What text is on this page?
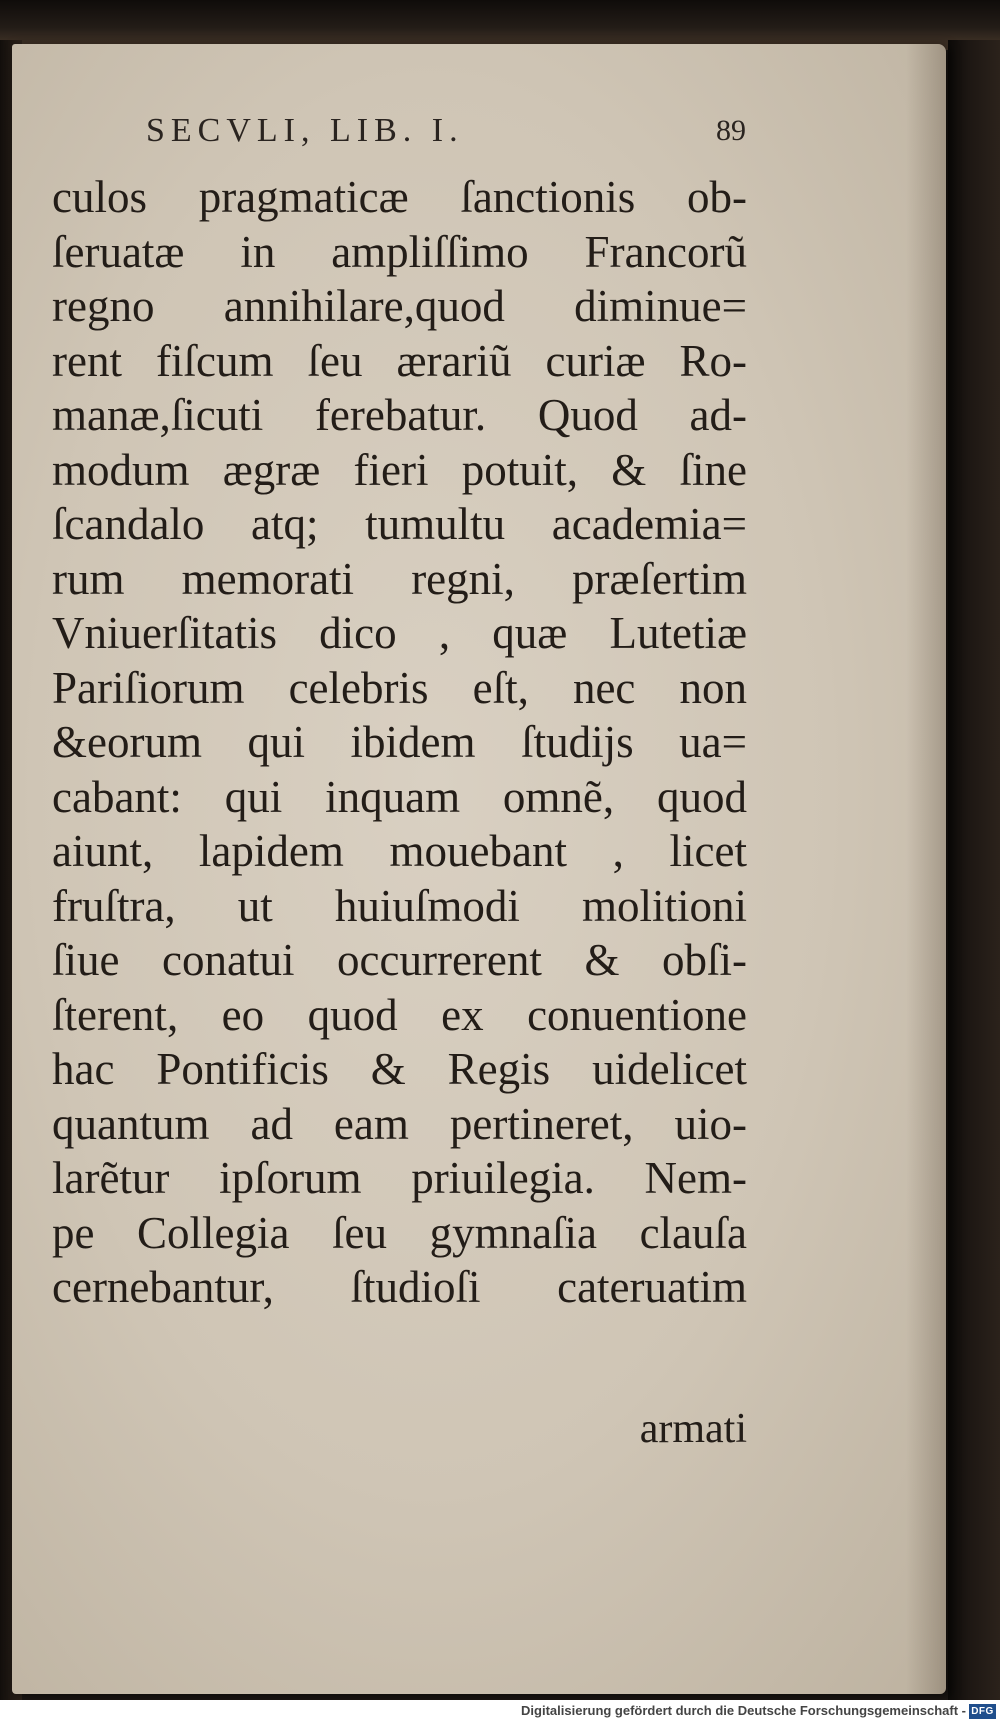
SECVLI, LIB. I.	89
culos pragmaticæ ſanctionis ob-
ſeruatæ in ampliſſimo Francorũ
regno annihilare,quod diminue=
rent fiſcum ſeu ærariũ curiæ Ro-
manæ,ſicuti ferebatur. Quod ad-
modum ægræ fieri potuit, & ſine
ſcandalo atq; tumultu academia=
rum memorati regni, præſertim
Vniuerſitatis dico , quæ Lutetiæ
Pariſiorum celebris eſt, nec non
&eorum qui ibidem ſtudijs ua=
cabant: qui inquam omnẽ, quod
aiunt, lapidem mouebant , licet
fruſtra, ut huiuſmodi molitioni
ſiue conatui occurrerent & obſi-
ſterent, eo quod ex conuentione
hac Pontificis & Regis uidelicet
quantum ad eam pertineret, uio-
larẽtur ipſorum priuilegia. Nem-
pe Collegia ſeu gymnaſia clauſa
cernebantur, ſtudioſi cateruatim
armati
Digitalisierung gefördert durch die Deutsche Forschungsgemeinschaft - DFG
